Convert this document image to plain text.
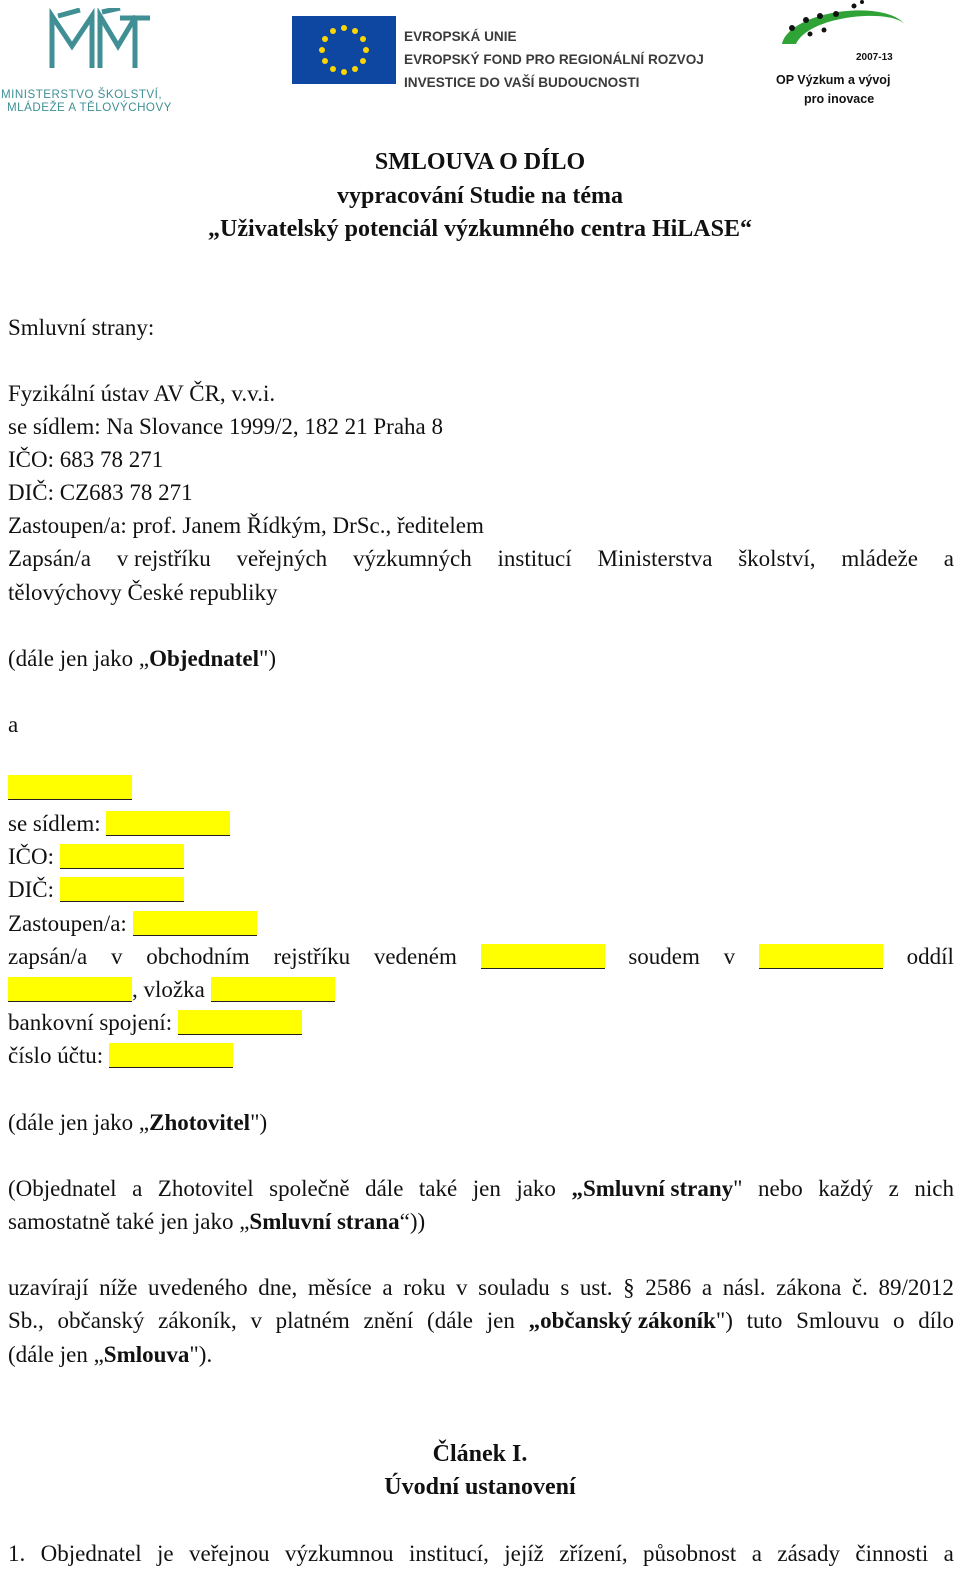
MINISTERSTVO ŠKOLSTVÍ,
MLÁDEŽE A TĚLOVÝCHOVY
EVROPSKÁ UNIE
EVROPSKÝ FOND PRO REGIONÁLNÍ ROZVOJ
INVESTICE DO VAŠÍ BUDOUCNOSTI
2007-13
OP Výzkum a vývoj
pro inovace
SMLOUVA O DÍLO
vypracování Studie na téma
„Uživatelský potenciál výzkumného centra HiLASE“
Smluvní strany:
Fyzikální ústav AV ČR, v.v.i.
se sídlem: Na Slovance 1999/2, 182 21 Praha 8
IČO: 683 78 271
DIČ: CZ683 78 271
Zastoupen/a: prof. Janem Řídkým, DrSc., ředitelem
Zapsán/a v rejstříku veřejných výzkumných institucí Ministerstva školství, mládeže a
tělovýchovy České republiky
(dále jen jako „Objednatel")
a
se sídlem:
IČO:
DIČ:
Zastoupen/a:
zapsán/a v obchodním rejstříku vedeném	soudem v	oddíl
, vložka
bankovní spojení:
číslo účtu:
(dále jen jako „Zhotovitel")
(Objednatel a Zhotovitel společně dále také jen jako „Smluvní strany" nebo každý z nich
samostatně také jen jako „Smluvní strana“))
uzavírají níže uvedeného dne, měsíce a roku v souladu s ust. § 2586 a násl. zákona č. 89/2012
Sb., občanský zákoník, v platném znění (dále jen „občanský zákoník") tuto Smlouvu o dílo
(dále jen „Smlouva").
Článek I.
Úvodní ustanovení
1. Objednatel je veřejnou výzkumnou institucí, jejíž zřízení, působnost a zásady činnosti a
